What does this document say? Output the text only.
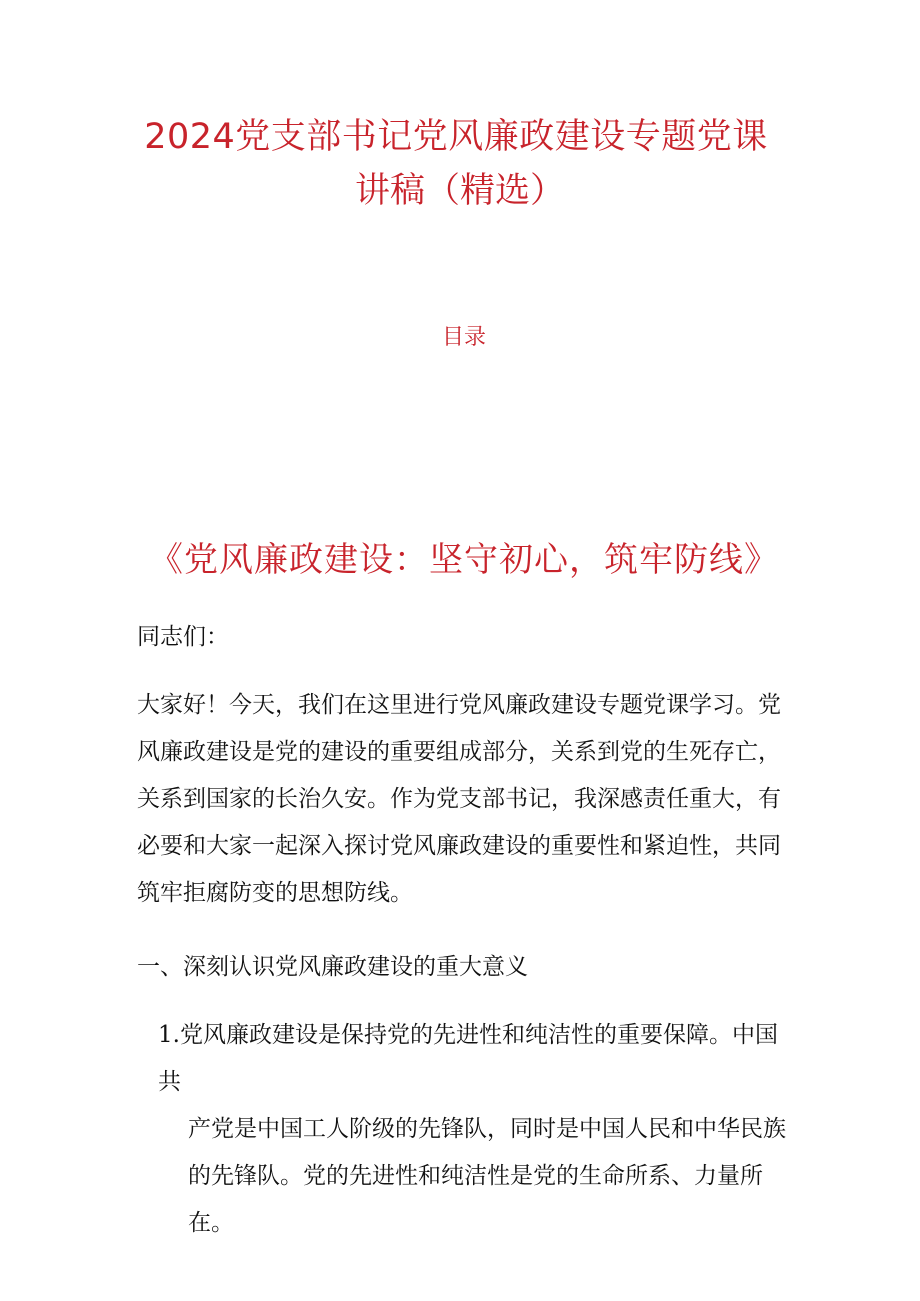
2024党支部书记党风廉政建设专题党课
讲稿（精选）
目录
《党风廉政建设：坚守初心，筑牢防线》
同志们：
大家好！今天，我们在这里进行党风廉政建设专题党课学习。党风廉政建设是党的建设的重要组成部分，关系到党的生死存亡，关系到国家的长治久安。作为党支部书记，我深感责任重大，有必要和大家一起深入探讨党风廉政建设的重要性和紧迫性，共同筑牢拒腐防变的思想防线。
一、深刻认识党风廉政建设的重大意义
1.党风廉政建设是保持党的先进性和纯洁性的重要保障。中国共
产党是中国工人阶级的先锋队，同时是中国人民和中华民族
的先锋队。党的先进性和纯洁性是党的生命所系、力量所在。
